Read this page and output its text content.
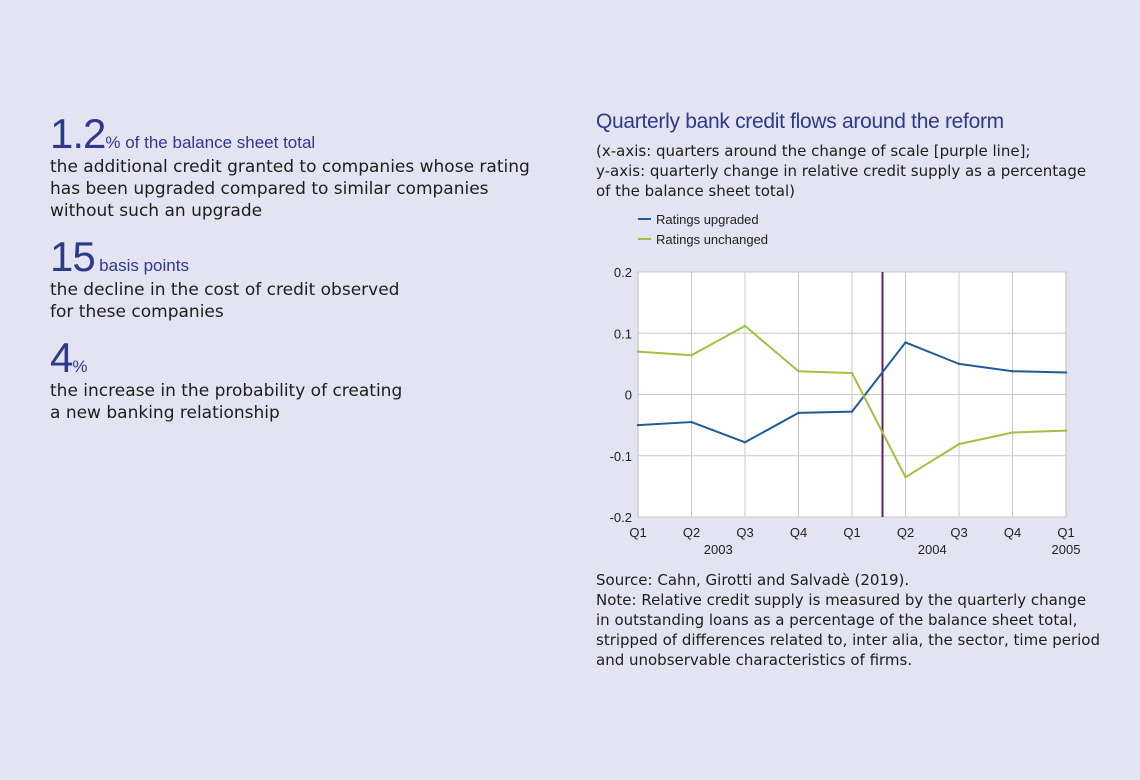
1.2% of the balance sheet total
the additional credit granted to companies whose rating
has been upgraded compared to similar companies
without such an upgrade
15 basis points
the decline in the cost of credit observed
for these companies
4%
the increase in the probability of creating
a new banking relationship
Quarterly bank credit flows around the reform
(x-axis: quarters around the change of scale [purple line];
y-axis: quarterly change in relative credit supply as a percentage
of the balance sheet total)
-0.2
-0.1
0
0.1
0.2
Q1	Q2	Q3	Q4	Q1	Q2	Q3	Q4	Q1
2003	2004	2005
Ratings upgraded
Ratings unchanged
Source: Cahn, Girotti and Salvadè (2019).
Note: Relative credit supply is measured by the quarterly change
in outstanding loans as a percentage of the balance sheet total,
stripped of differences related to, inter alia, the sector, time period
and unobservable characteristics of firms.
